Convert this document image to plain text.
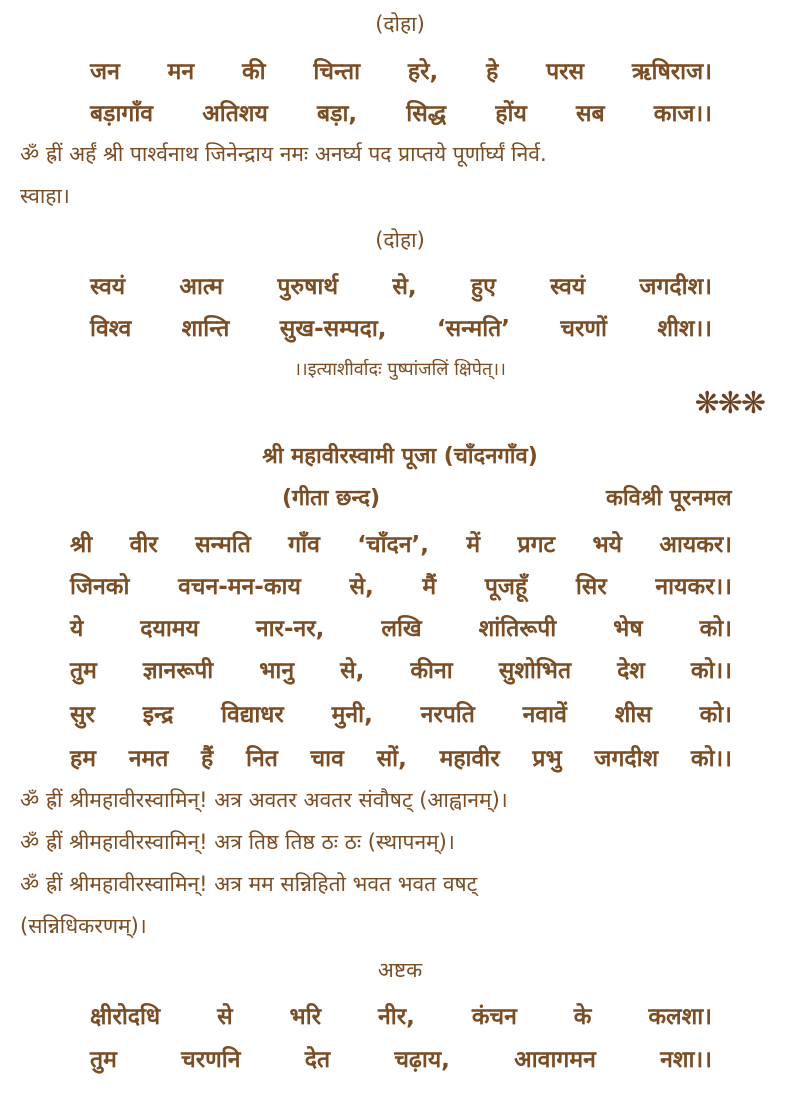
(दोहा)
जन मन की चिन्ता हरे, हे परस ऋषिराज।
बड़ागाँव अतिशय बड़ा, सिद्ध होंय सब काज।।
ॐ ह्रीं अर्हं श्री पार्श्वनाथ जिनेन्द्राय नमः अनर्घ्य पद प्राप्तये पूर्णार्घ्यं निर्व.
स्वाहा।
(दोहा)
स्वयं आत्म पुरुषार्थ से, हुए स्वयं जगदीश।
विश्व शान्ति सुख-सम्पदा, ‘सन्मति’ चरणों शीश।।
।।इत्याशीर्वादः पुष्पांजलिं क्षिपेत्।।
❋❋❋
श्री महावीरस्वामी पूजा (चाँदनगाँव)
(गीता छन्द)	कविश्री पूरनमल
श्री वीर सन्मति गाँव ‘चाँदन’, में प्रगट भये आयकर।
जिनको वचन-मन-काय से, मैं पूजहूँ सिर नायकर।।
ये दयामय नार-नर, लखि शांतिरूपी भेष को।
तुम ज्ञानरूपी भानु से, कीना सुशोभित देश को।।
सुर इन्द्र विद्याधर मुनी, नरपति नवावें शीस को।
हम नमत हैं नित चाव सों, महावीर प्रभु जगदीश को।।
ॐ ह्रीं श्रीमहावीरस्वामिन्! अत्र अवतर अवतर संवौषट् (आह्वानम्)।
ॐ ह्रीं श्रीमहावीरस्वामिन्! अत्र तिष्ठ तिष्ठ ठः ठः (स्थापनम्)।
ॐ ह्रीं श्रीमहावीरस्वामिन्! अत्र मम सन्निहितो भवत भवत वषट्
(सन्निधिकरणम्)।
अष्टक
क्षीरोदधि से भरि नीर, कंचन के कलशा।
तुम	चरणनि	देत	चढ़ाय,	आवागमन	नशा।।
